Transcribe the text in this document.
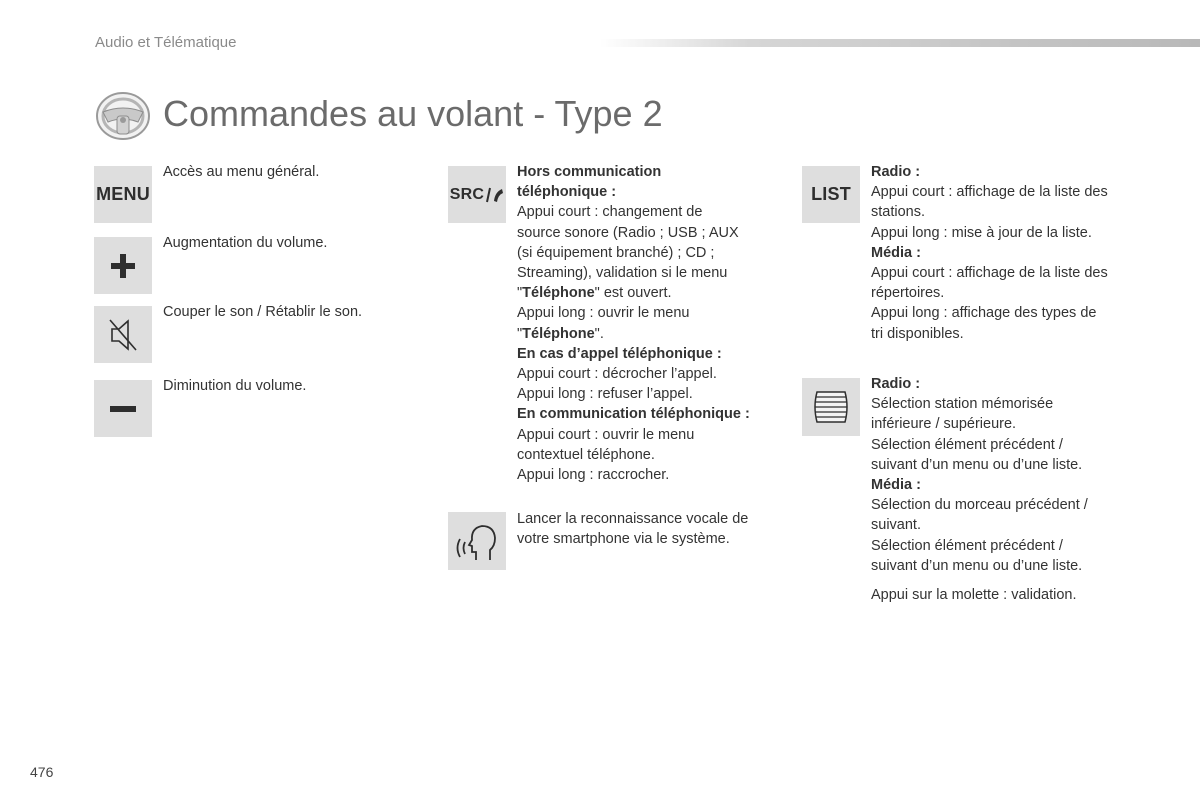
Audio et Télématique
Commandes au volant - Type 2
MENU
Accès au menu général.
Augmentation du volume.
Couper le son / Rétablir le son.
Diminution du volume.
SRC
Hors communication
téléphonique :
Appui court : changement de
source sonore (Radio ; USB ; AUX
(si équipement branché) ; CD ;
Streaming), validation si le menu
"Téléphone" est ouvert.
Appui long : ouvrir le menu
"Téléphone".
En cas d’appel téléphonique :
Appui court : décrocher l’appel.
Appui long : refuser l’appel.
En communication téléphonique :
Appui court : ouvrir le menu
contextuel téléphone.
Appui long : raccrocher.
Lancer la reconnaissance vocale de
votre smartphone via le système.
LIST
Radio :
Appui court : affichage de la liste des
stations.
Appui long : mise à jour de la liste.
Média :
Appui court : affichage de la liste des
répertoires.
Appui long : affichage des types de
tri disponibles.
Radio :
Sélection station mémorisée
inférieure / supérieure.
Sélection élément précédent /
suivant d’un menu ou d’une liste.
Média :
Sélection du morceau précédent /
suivant.
Sélection élément précédent /
suivant d’un menu ou d’une liste.
Appui sur la molette : validation.
476
